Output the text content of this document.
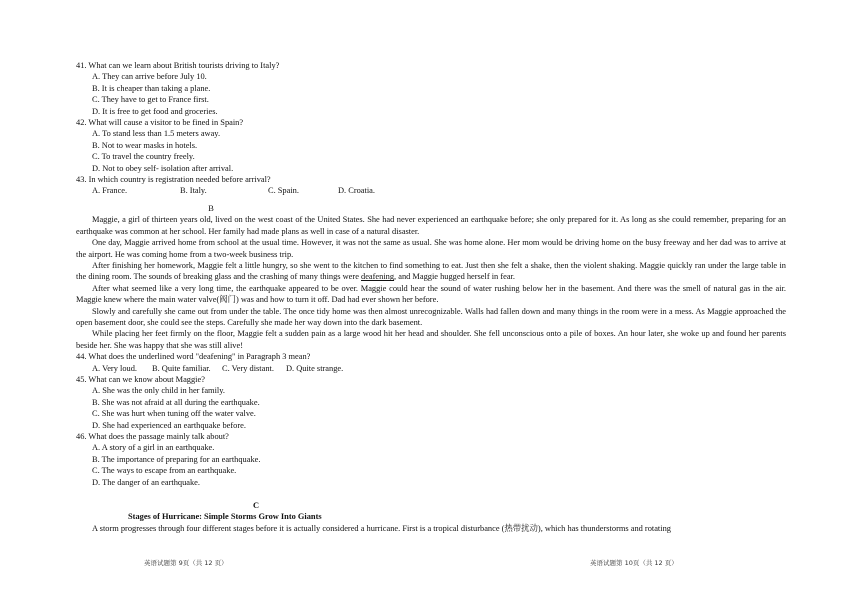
41. What can we learn about British tourists driving to Italy?

A. They can arrive before July 10.

B. It is cheaper than taking a plane.

C. They have to get to France first.

D. It is free to get food and groceries.

42. What will cause a visitor to be fined in Spain?

A. To stand less than 1.5 meters away.

B. Not to wear masks in hotels.

C. To travel the country freely.

D. Not to obey self- isolation after arrival.

43. In which country is registration needed before arrival?

A. France.	B. Italy.	C. Spain.	D. Croatia.

B

Maggie, a girl of thirteen years old, lived on the west coast of the United States. She had never experienced an earthquake before; she only prepared for it. As long as she could remember, preparing for an earthquake was common at her school. Her family had made plans as well in case of a natural disaster.

One day, Maggie arrived home from school at the usual time. However, it was not the same as usual. She was home alone. Her mom would be driving home on the busy freeway and her dad was to arrive at the airport. He was coming home from a two-week business trip.

After finishing her homework, Maggie felt a little hungry, so she went to the kitchen to find something to eat. Just then she felt a shake, then the violent shaking. Maggie quickly ran under the large table in the dining room. The sounds of breaking glass and the crashing of many things were deafening, and Maggie hugged herself in fear.

After what seemed like a very long time, the earthquake appeared to be over. Maggie could hear the sound of water rushing below her in the basement. And there was the smell of natural gas in the air. Maggie knew where the main water valve(阀门) was and how to turn it off. Dad had ever shown her before.

Slowly and carefully she came out from under the table. The once tidy home was then almost unrecognizable. Walls had fallen down and many things in the room were in a mess. As Maggie approached the open basement door, she could see the steps. Carefully she made her way down into the dark basement.

While placing her feet firmly on the floor, Maggie felt a sudden pain as a large wood hit her head and shoulder. She fell unconscious onto a pile of boxes. An hour later, she woke up and found her parents beside her. She was happy that she was still alive!

44. What does the underlined word "deafening" in Paragraph 3 mean?

A. Very loud. B. Quite familiar. C. Very distant. D. Quite strange.

45. What can we know about Maggie?

A. She was the only child in her family.

B. She was not afraid at all during the earthquake.

C. She was hurt when tuning off the water valve.

D. She had experienced an earthquake before.

46. What does the passage mainly talk about?

A. A story of a girl in an earthquake.

B. The importance of preparing for an earthquake.

C. The ways to escape from an earthquake.

D. The danger of an earthquake.

C

Stages of Hurricane: Simple Storms Grow Into Giants

A storm progresses through four different stages before it is actually considered a hurricane. First is a tropical disturbance (热带扰动), which has thunderstorms and rotating

英语试题第 9页（共 12 页）	英语试题第 10页（共 12 页）
